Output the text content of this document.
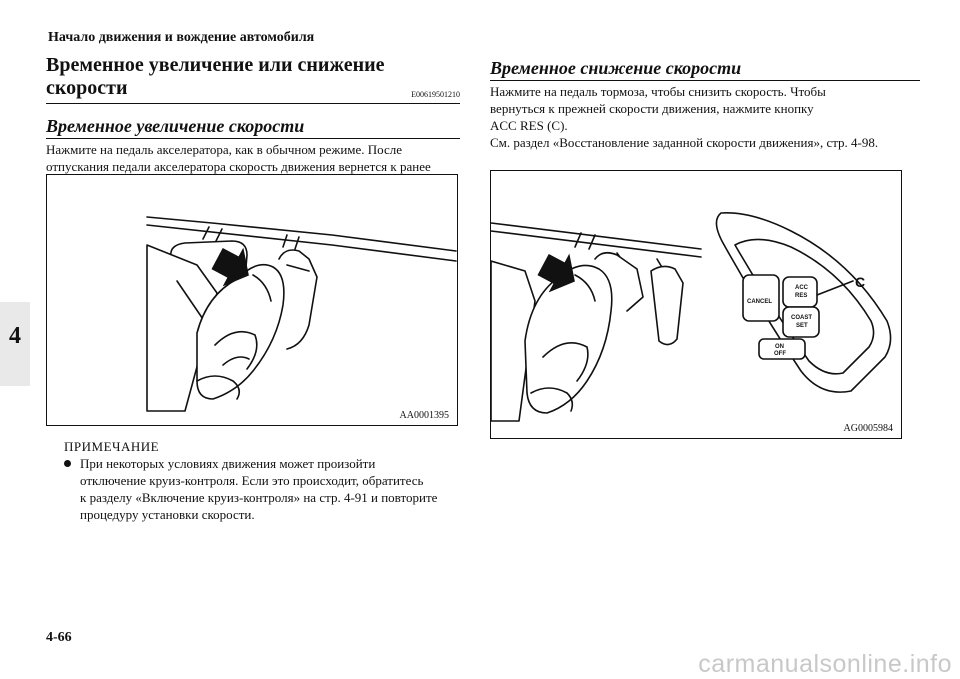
Начало движения и вождение автомобиля
4
Временное увеличение или снижение скорости	E00619501210
Временное увеличение скорости

Нажмите на педаль акселератора, как в обычном режиме. После
отпускания педали акселератора скорость движения вернется к ранее

AA0001395
ПРИМЕЧАНИЕ
При некоторых условиях движения может произойти
отключение круиз-контроля. Если это происходит, обратитесь
к разделу «Включение круиз-контроля» на стр. 4-91 и повторите
процедуру установки скорости.
Временное снижение скорости

Нажмите на педаль тормоза, чтобы снизить скорость. Чтобы
вернуться к прежней скорости движения, нажмите кнопку
ACC RES (C).
См. раздел «Восстановление заданной скорости движения», стр. 4-98.

C
CANCEL
ACC
RES
COAST
SET
ON
OFF
AG0005984
4-66
carmanualsonline.info
